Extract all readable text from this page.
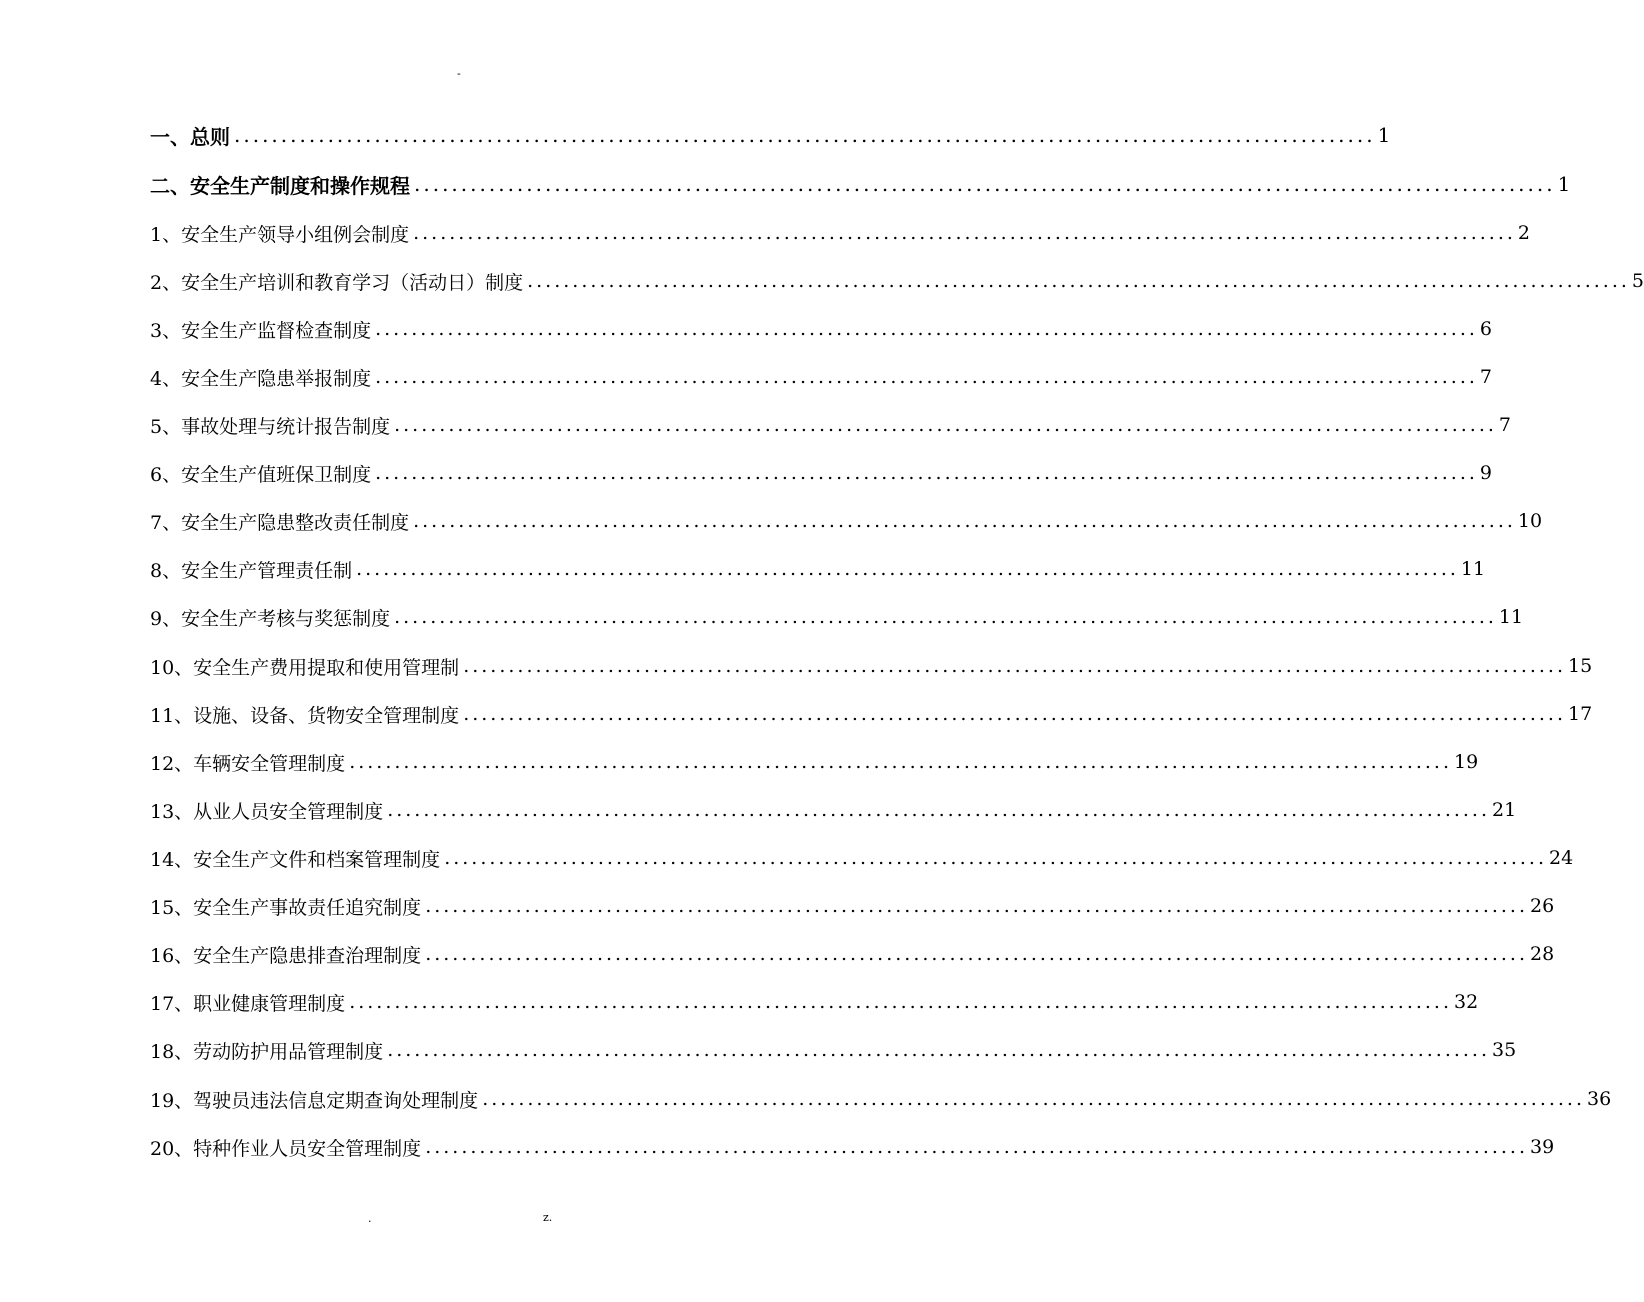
-
一、总则 .......................................................................................................................... 1
二、安全生产制度和操作规程 .......................................................................................................................... 1
1、安全生产领导小组例会制度 .......................................................................................................................... 2
2、安全生产培训和教育学习（活动日）制度 .......................................................................................................................... 5
3、安全生产监督检查制度 .......................................................................................................................... 6
4、安全生产隐患举报制度 .......................................................................................................................... 7
5、事故处理与统计报告制度 .......................................................................................................................... 7
6、安全生产值班保卫制度 .......................................................................................................................... 9
7、安全生产隐患整改责任制度 .......................................................................................................................... 10
8、安全生产管理责任制 .......................................................................................................................... 11
9、安全生产考核与奖惩制度 .......................................................................................................................... 11
10、安全生产费用提取和使用管理制 .......................................................................................................................... 15
11、设施、设备、货物安全管理制度 .......................................................................................................................... 17
12、车辆安全管理制度 .......................................................................................................................... 19
13、从业人员安全管理制度 .......................................................................................................................... 21
14、安全生产文件和档案管理制度 .......................................................................................................................... 24
15、安全生产事故责任追究制度 .......................................................................................................................... 26
16、安全生产隐患排查治理制度 .......................................................................................................................... 28
17、职业健康管理制度 .......................................................................................................................... 32
18、劳动防护用品管理制度 .......................................................................................................................... 35
19、驾驶员违法信息定期查询处理制度 .......................................................................................................................... 36
20、特种作业人员安全管理制度 .......................................................................................................................... 39
.	z.
